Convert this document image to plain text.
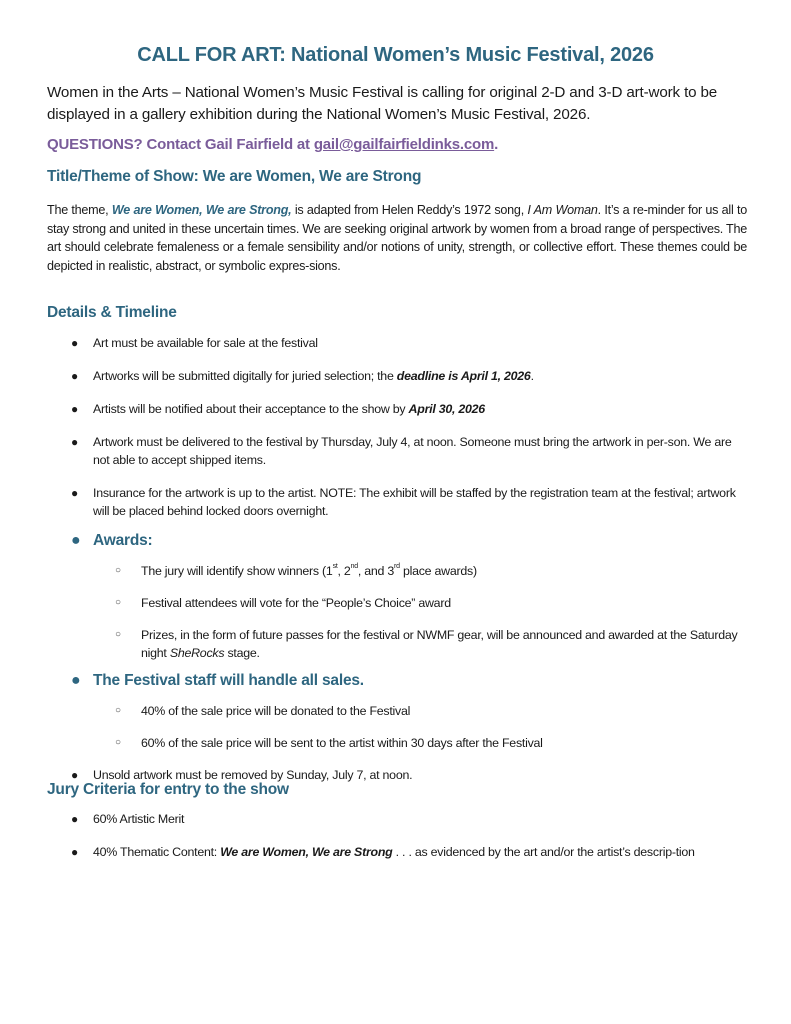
CALL FOR ART: National Women’s Music Festival, 2026
Women in the Arts – National Women’s Music Festival is calling for original 2-D and 3-D art-work to be displayed in a gallery exhibition during the National Women’s Music Festival, 2026.
QUESTIONS? Contact Gail Fairfield at gail@gailfairfieldinks.com.
Title/Theme of Show: We are Women, We are Strong
The theme, We are Women, We are Strong, is adapted from Helen Reddy’s 1972 song, I Am Woman. It’s a re-minder for us all to stay strong and united in these uncertain times. We are seeking original artwork by women from a broad range of perspectives. The art should celebrate femaleness or a female sensibility and/or notions of unity, strength, or collective effort. These themes could be depicted in realistic, abstract, or symbolic expres-sions.
Details & Timeline
● Art must be available for sale at the festival
● Artworks will be submitted digitally for juried selection; the deadline is April 1, 2026.
● Artists will be notified about their acceptance to the show by April 30, 2026
● Artwork must be delivered to the festival by Thursday, July 4, at noon. Someone must bring the artwork in per-son. We are not able to accept shipped items.
● Insurance for the artwork is up to the artist. NOTE: The exhibit will be staffed by the registration team at the festival; artwork will be placed behind locked doors overnight.
● Awards:
○ The jury will identify show winners (1st, 2nd, and 3rd place awards)
○ Festival attendees will vote for the “People’s Choice” award
○ Prizes, in the form of future passes for the festival or NWMF gear, will be announced and awarded at the Saturday night SheRocks stage.
● The Festival staff will handle all sales.
○ 40% of the sale price will be donated to the Festival
○ 60% of the sale price will be sent to the artist within 30 days after the Festival
● Unsold artwork must be removed by Sunday, July 7, at noon.
Jury Criteria for entry to the show
● 60% Artistic Merit
● 40% Thematic Content: We are Women, We are Strong . . . as evidenced by the art and/or the artist’s descrip-tion
